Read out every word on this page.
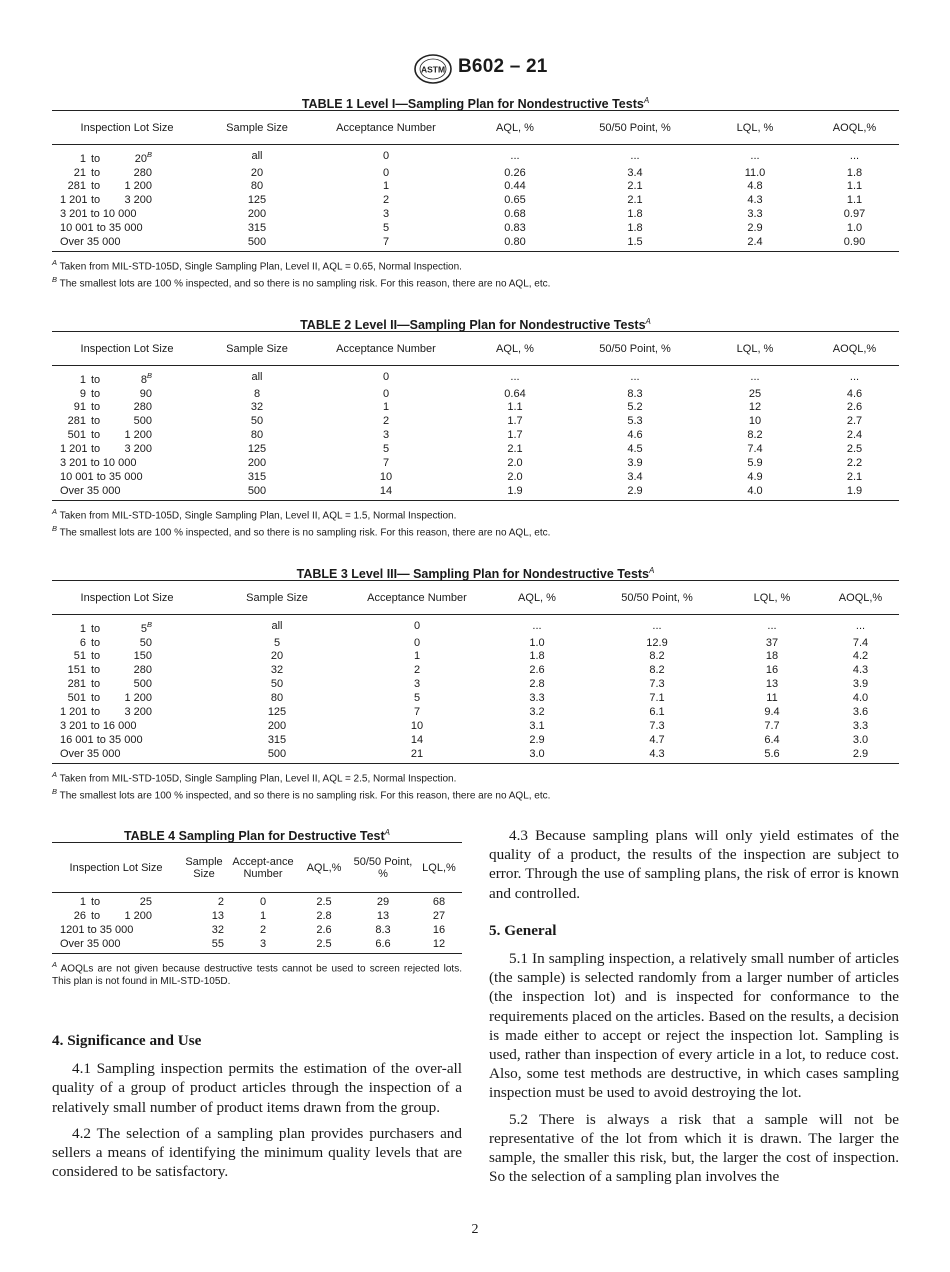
ASTM B602 – 21
TABLE 1 Level I—Sampling Plan for Nondestructive Tests$^A$
Inspection Lot Size	Sample Size	Acceptance Number	AQL, %	50/50 Point, %	LQL, %	AOQL,%
1 to $20^B$	all	0	...	...	...	...
21 to 280	20	0	0.26	3.4	11.0	1.8
281 to 1 200	80	1	0.44	2.1	4.8	1.1
1 201 to 3 200	125	2	0.65	2.1	4.3	1.1
3 201 to 10 000	200	3	0.68	1.8	3.3	0.97
10 001 to 35 000	315	5	0.83	1.8	2.9	1.0
Over 35 000	500	7	0.80	1.5	2.4	0.90
$^A$ Taken from MIL-STD-105D, Single Sampling Plan, Level II, AQL = 0.65, Normal Inspection.
$^B$ The smallest lots are 100 % inspected, and so there is no sampling risk. For this reason, there are no AQL, etc.
TABLE 2 Level II—Sampling Plan for Nondestructive Tests$^A$
Inspection Lot Size	Sample Size	Acceptance Number	AQL, %	50/50 Point, %	LQL, %	AOQL,%
1 to $8^B$	all	0	...	...	...	...
9 to 90	8	0	0.64	8.3	25	4.6
91 to 280	32	1	1.1	5.2	12	2.6
281 to 500	50	2	1.7	5.3	10	2.7
501 to 1 200	80	3	1.7	4.6	8.2	2.4
1 201 to 3 200	125	5	2.1	4.5	7.4	2.5
3 201 to 10 000	200	7	2.0	3.9	5.9	2.2
10 001 to 35 000	315	10	2.0	3.4	4.9	2.1
Over 35 000	500	14	1.9	2.9	4.0	1.9
$^A$ Taken from MIL-STD-105D, Single Sampling Plan, Level II, AQL = 1.5, Normal Inspection.
$^B$ The smallest lots are 100 % inspected, and so there is no sampling risk. For this reason, there are no AQL, etc.
TABLE 3 Level III— Sampling Plan for Nondestructive Tests$^A$
Inspection Lot Size	Sample Size	Acceptance Number	AQL, %	50/50 Point, %	LQL, %	AOQL,%
1 to $5^B$	all	0	...	...	...	...
6 to 50	5	0	1.0	12.9	37	7.4
51 to 150	20	1	1.8	8.2	18	4.2
151 to 280	32	2	2.6	8.2	16	4.3
281 to 500	50	3	2.8	7.3	13	3.9
501 to 1 200	80	5	3.3	7.1	11	4.0
1 201 to 3 200	125	7	3.2	6.1	9.4	3.6
3 201 to 16 000	200	10	3.1	7.3	7.7	3.3
16 001 to 35 000	315	14	2.9	4.7	6.4	3.0
Over 35 000	500	21	3.0	4.3	5.6	2.9
$^A$ Taken from MIL-STD-105D, Single Sampling Plan, Level II, AQL = 2.5, Normal Inspection.
$^B$ The smallest lots are 100 % inspected, and so there is no sampling risk. For this reason, there are no AQL, etc.
TABLE 4 Sampling Plan for Destructive Test$^A$
Inspection Lot Size	Sample Size	Accept-ance Number	AQL,%	50/50 Point, %	LQL,%
1 to 25	2	0	2.5	29	68
26 to 1 200	13	1	2.8	13	27
1201 to 35 000	32	2	2.6	8.3	16
Over 35 000	55	3	2.5	6.6	12
$^A$ AOQLs are not given because destructive tests cannot be used to screen rejected lots. This plan is not found in MIL-STD-105D.
4. Significance and Use

4.1 Sampling inspection permits the estimation of the over-all quality of a group of product articles through the inspection of a relatively small number of product items drawn from the group.

4.2 The selection of a sampling plan provides purchasers and sellers a means of identifying the minimum quality levels that are considered to be satisfactory.

4.3 Because sampling plans will only yield estimates of the quality of a product, the results of the inspection are subject to error. Through the use of sampling plans, the risk of error is known and controlled.

5. General

5.1 In sampling inspection, a relatively small number of articles (the sample) is selected randomly from a larger number of articles (the inspection lot) and is inspected for conformance to the requirements placed on the articles. Based on the results, a decision is made either to accept or reject the inspection lot. Sampling is used, rather than inspection of every article in a lot, to reduce cost. Also, some test methods are destructive, in which cases sampling inspection must be used to avoid destroying the lot.

5.2 There is always a risk that a sample will not be representative of the lot from which it is drawn. The larger the sample, the smaller this risk, but, the larger the cost of inspection. So the selection of a sampling plan involves the

2
